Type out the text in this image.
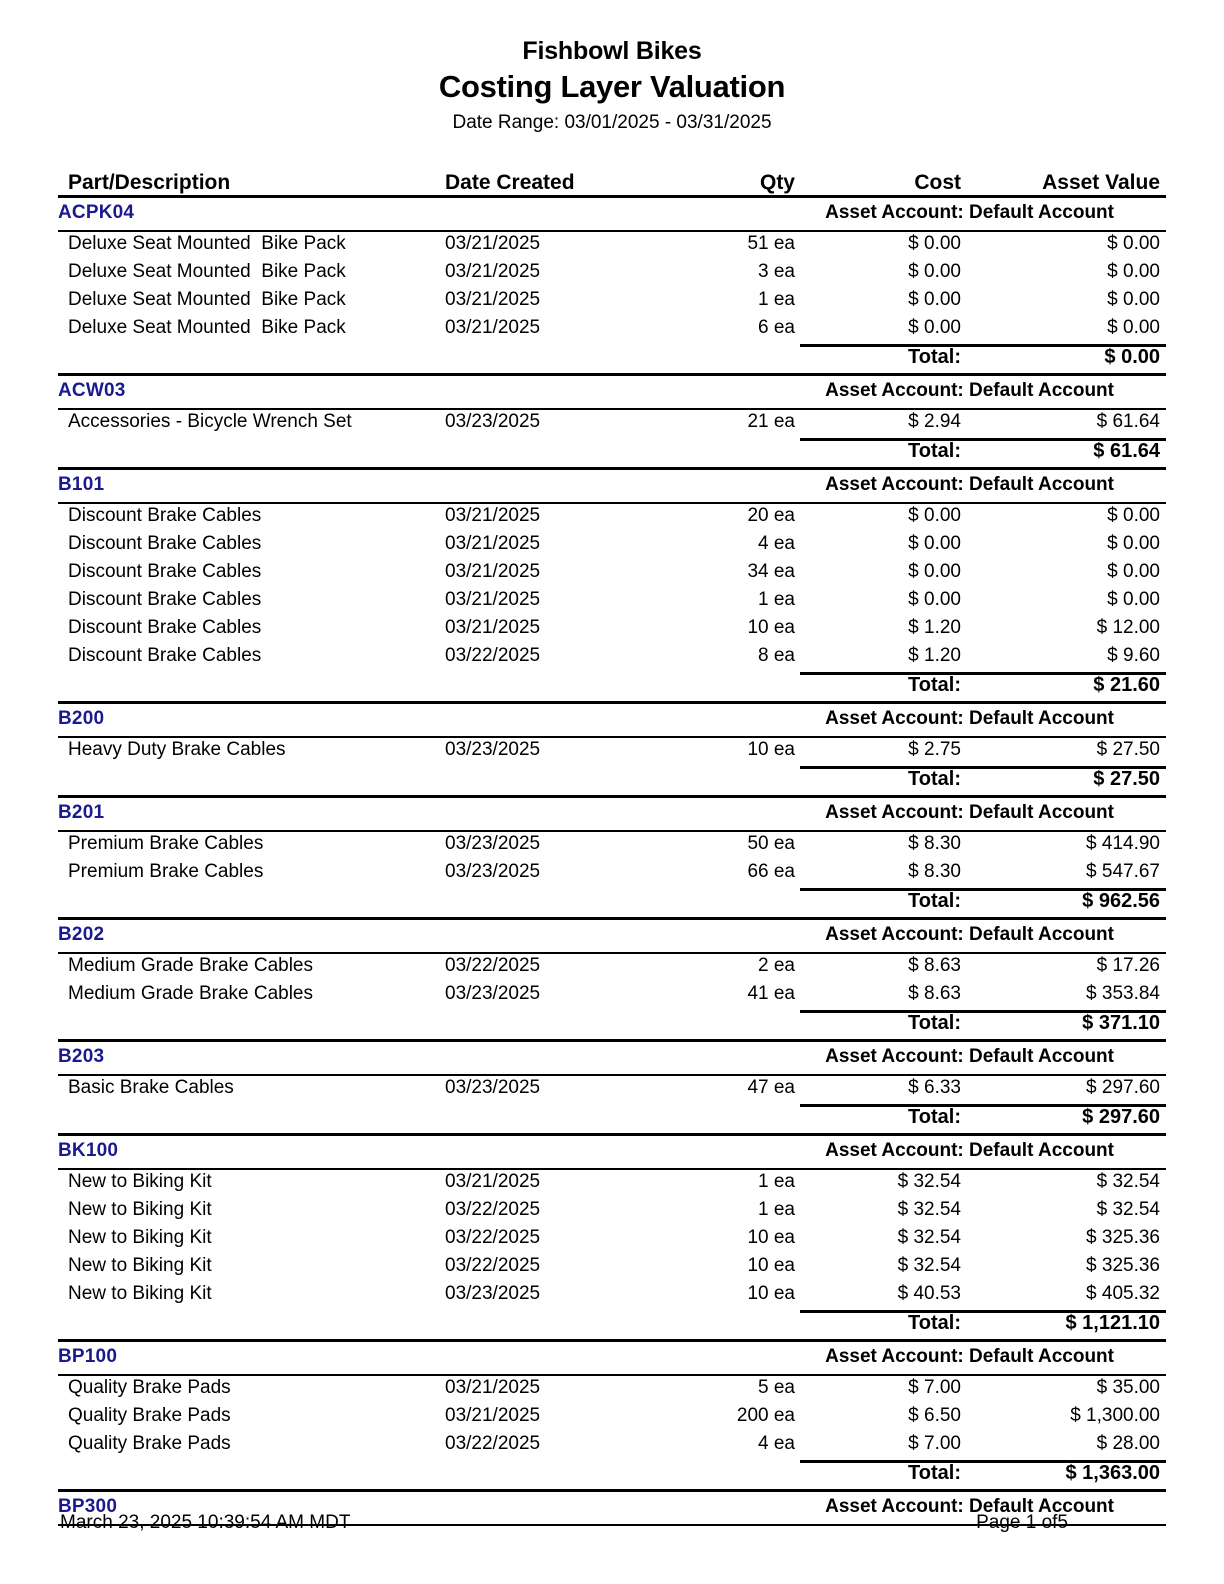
Fishbowl Bikes
Costing Layer Valuation
Date Range: 03/01/2025 - 03/31/2025
Part/Description	Date Created	Qty	Cost	Asset Value
ACPK04	Asset Account: Default Account
Deluxe Seat Mounted  Bike Pack	03/21/2025	51 ea	$ 0.00	$ 0.00
Deluxe Seat Mounted  Bike Pack	03/21/2025	3 ea	$ 0.00	$ 0.00
Deluxe Seat Mounted  Bike Pack	03/21/2025	1 ea	$ 0.00	$ 0.00
Deluxe Seat Mounted  Bike Pack	03/21/2025	6 ea	$ 0.00	$ 0.00
Total:	$ 0.00
ACW03	Asset Account: Default Account
Accessories - Bicycle Wrench Set	03/23/2025	21 ea	$ 2.94	$ 61.64
Total:	$ 61.64
B101	Asset Account: Default Account
Discount Brake Cables	03/21/2025	20 ea	$ 0.00	$ 0.00
Discount Brake Cables	03/21/2025	4 ea	$ 0.00	$ 0.00
Discount Brake Cables	03/21/2025	34 ea	$ 0.00	$ 0.00
Discount Brake Cables	03/21/2025	1 ea	$ 0.00	$ 0.00
Discount Brake Cables	03/21/2025	10 ea	$ 1.20	$ 12.00
Discount Brake Cables	03/22/2025	8 ea	$ 1.20	$ 9.60
Total:	$ 21.60
B200	Asset Account: Default Account
Heavy Duty Brake Cables	03/23/2025	10 ea	$ 2.75	$ 27.50
Total:	$ 27.50
B201	Asset Account: Default Account
Premium Brake Cables	03/23/2025	50 ea	$ 8.30	$ 414.90
Premium Brake Cables	03/23/2025	66 ea	$ 8.30	$ 547.67
Total:	$ 962.56
B202	Asset Account: Default Account
Medium Grade Brake Cables	03/22/2025	2 ea	$ 8.63	$ 17.26
Medium Grade Brake Cables	03/23/2025	41 ea	$ 8.63	$ 353.84
Total:	$ 371.10
B203	Asset Account: Default Account
Basic Brake Cables	03/23/2025	47 ea	$ 6.33	$ 297.60
Total:	$ 297.60
BK100	Asset Account: Default Account
New to Biking Kit	03/21/2025	1 ea	$ 32.54	$ 32.54
New to Biking Kit	03/22/2025	1 ea	$ 32.54	$ 32.54
New to Biking Kit	03/22/2025	10 ea	$ 32.54	$ 325.36
New to Biking Kit	03/22/2025	10 ea	$ 32.54	$ 325.36
New to Biking Kit	03/23/2025	10 ea	$ 40.53	$ 405.32
Total:	$ 1,121.10
BP100	Asset Account: Default Account
Quality Brake Pads	03/21/2025	5 ea	$ 7.00	$ 35.00
Quality Brake Pads	03/21/2025	200 ea	$ 6.50	$ 1,300.00
Quality Brake Pads	03/22/2025	4 ea	$ 7.00	$ 28.00
Total:	$ 1,363.00
BP300	Asset Account: Default Account
March 23, 2025 10:39:54 AM MDT	Page 1 of5
